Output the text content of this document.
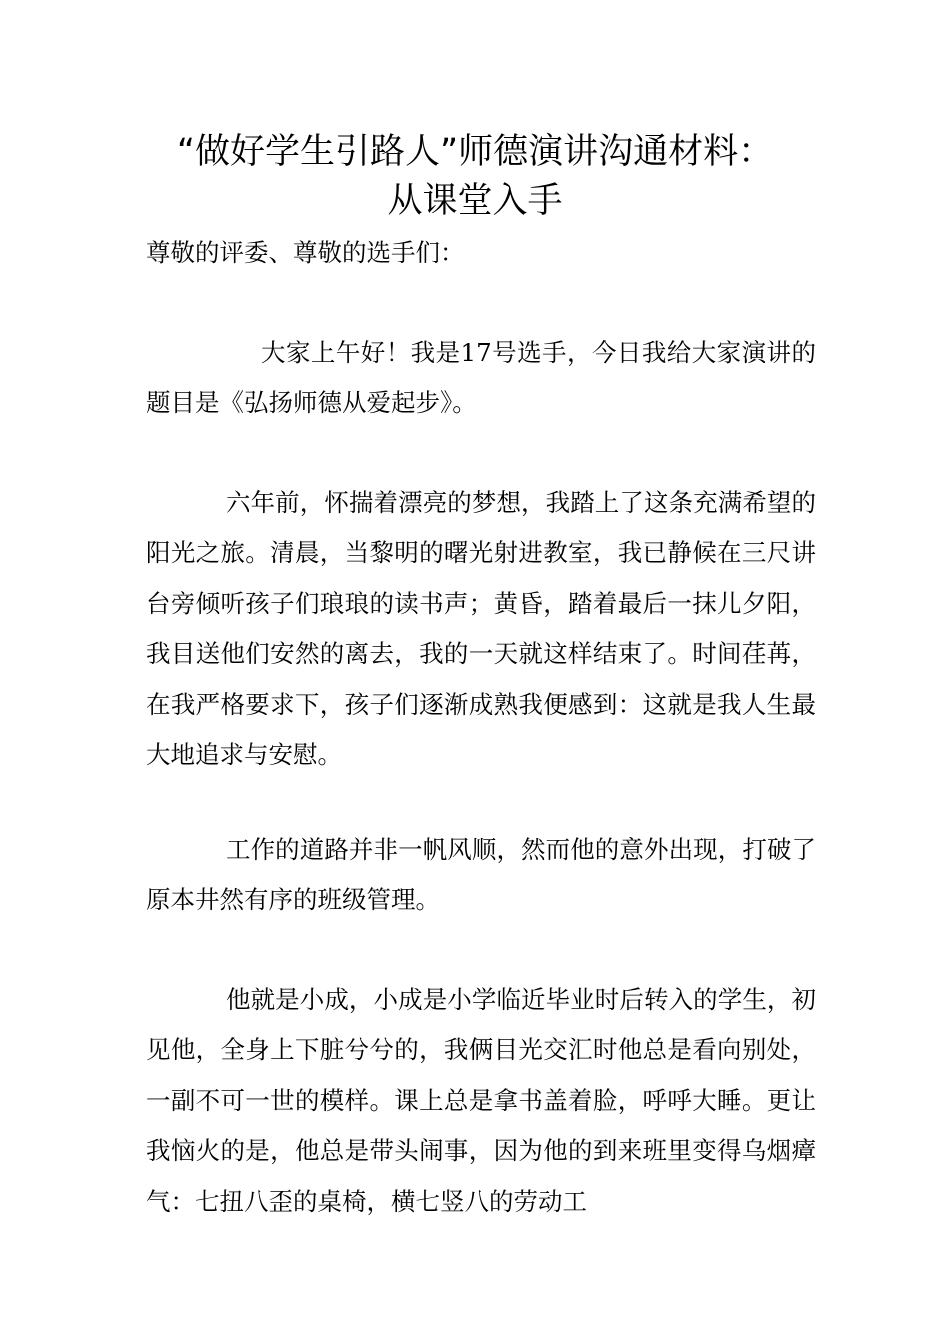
“做好学生引路人”师德演讲沟通材料：
从课堂入手

尊敬的评委、尊敬的选手们：

大家上午好！我是17号选手，今日我给大家演讲的题目是《弘扬师德从爱起步》。

六年前，怀揣着漂亮的梦想，我踏上了这条充满希望的阳光之旅。清晨，当黎明的曙光射进教室，我已静候在三尺讲台旁倾听孩子们琅琅的读书声；黄昏，踏着最后一抹儿夕阳，我目送他们安然的离去，我的一天就这样结束了。时间荏苒，在我严格要求下，孩子们逐渐成熟我便感到：这就是我人生最大地追求与安慰。

工作的道路并非一帆风顺，然而他的意外出现，打破了原本井然有序的班级管理。

他就是小成，小成是小学临近毕业时后转入的学生，初见他，全身上下脏兮兮的，我俩目光交汇时他总是看向别处，一副不可一世的模样。课上总是拿书盖着脸，呼呼大睡。更让我恼火的是，他总是带头闹事，因为他的到来班里变得乌烟瘴气：七扭八歪的桌椅，横七竖八的劳动工
